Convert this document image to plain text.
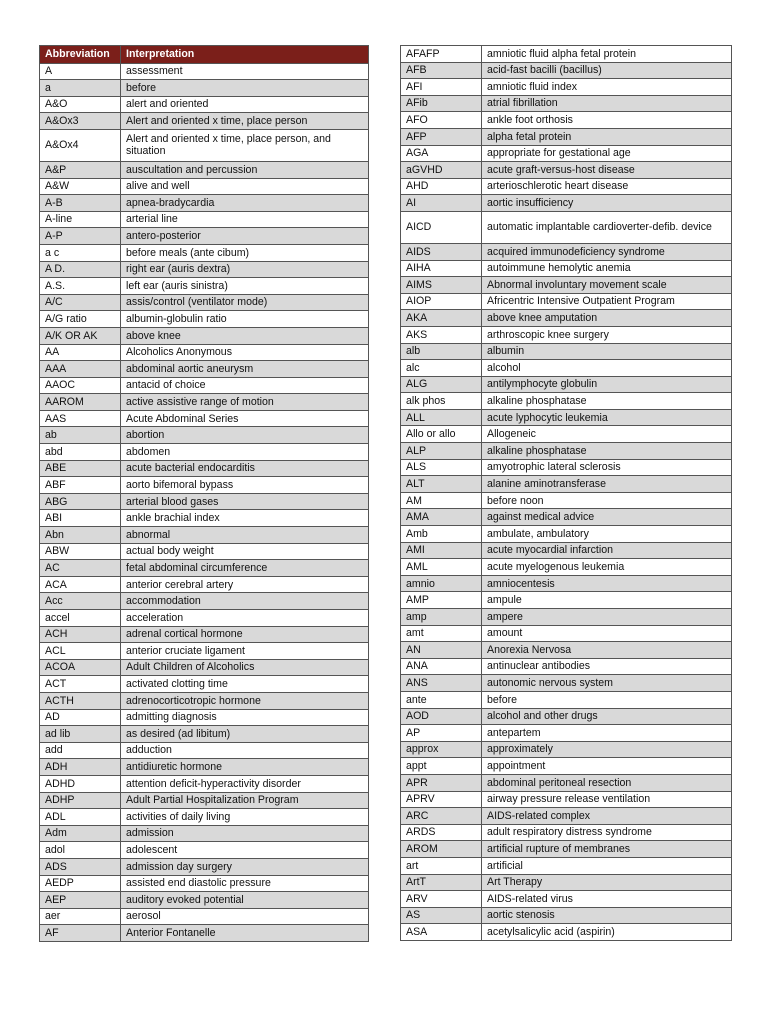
Abbreviation	Interpretation
A	assessment
a	before
A&O	alert and oriented
A&Ox3	Alert and oriented x time, place person
A&Ox4	Alert and oriented x time, place person, and situation
A&P	auscultation and percussion
A&W	alive and well
A-B	apnea-bradycardia
A-line	arterial line
A-P	antero-posterior
a c	before meals (ante cibum)
A D.	right ear (auris dextra)
A.S.	left ear (auris sinistra)
A/C	assis/control (ventilator mode)
A/G ratio	albumin-globulin ratio
A/K OR AK	above knee
AA	Alcoholics Anonymous
AAA	abdominal aortic aneurysm
AAOC	antacid of choice
AAROM	active assistive range of motion
AAS	Acute Abdominal Series
ab	abortion
abd	abdomen
ABE	acute bacterial endocarditis
ABF	aorto bifemoral bypass
ABG	arterial blood gases
ABI	ankle brachial index
Abn	abnormal
ABW	actual body weight
AC	fetal abdominal circumference
ACA	anterior cerebral artery
Acc	accommodation
accel	acceleration
ACH	adrenal cortical hormone
ACL	anterior cruciate ligament
ACOA	Adult Children of Alcoholics
ACT	activated clotting time
ACTH	adrenocorticotropic hormone
AD	admitting diagnosis
ad lib	as desired (ad libitum)
add	adduction
ADH	antidiuretic hormone
ADHD	attention deficit-hyperactivity disorder
ADHP	Adult Partial Hospitalization Program
ADL	activities of daily living
Adm	admission
adol	adolescent
ADS	admission day surgery
AEDP	assisted end diastolic pressure
AEP	auditory evoked potential
aer	aerosol
AF	Anterior Fontanelle
AFAFP	amniotic fluid alpha fetal protein
AFB	acid-fast bacilli (bacillus)
AFI	amniotic fluid index
AFib	atrial fibrillation
AFO	ankle foot orthosis
AFP	alpha fetal protein
AGA	appropriate for gestational age
aGVHD	acute graft-versus-host disease
AHD	arterioschlerotic heart disease
AI	aortic insufficiency
AICD	automatic implantable cardioverter-defib. device
AIDS	acquired immunodeficiency syndrome
AIHA	autoimmune hemolytic anemia
AIMS	Abnormal involuntary movement scale
AIOP	Africentric Intensive Outpatient Program
AKA	above knee amputation
AKS	arthroscopic knee surgery
alb	albumin
alc	alcohol
ALG	antilymphocyte globulin
alk phos	alkaline phosphatase
ALL	acute lyphocytic leukemia
Allo or allo	Allogeneic
ALP	alkaline phosphatase
ALS	amyotrophic lateral sclerosis
ALT	alanine aminotransferase
AM	before noon
AMA	against medical advice
Amb	ambulate, ambulatory
AMI	acute myocardial infarction
AML	acute myelogenous leukemia
amnio	amniocentesis
AMP	ampule
amp	ampere
amt	amount
AN	Anorexia Nervosa
ANA	antinuclear antibodies
ANS	autonomic nervous system
ante	before
AOD	alcohol and other drugs
AP	antepartem
approx	approximately
appt	appointment
APR	abdominal peritoneal resection
APRV	airway pressure release ventilation
ARC	AIDS-related complex
ARDS	adult respiratory distress syndrome
AROM	artificial rupture of membranes
art	artificial
ArtT	Art Therapy
ARV	AIDS-related virus
AS	aortic stenosis
ASA	acetylsalicylic acid (aspirin)
